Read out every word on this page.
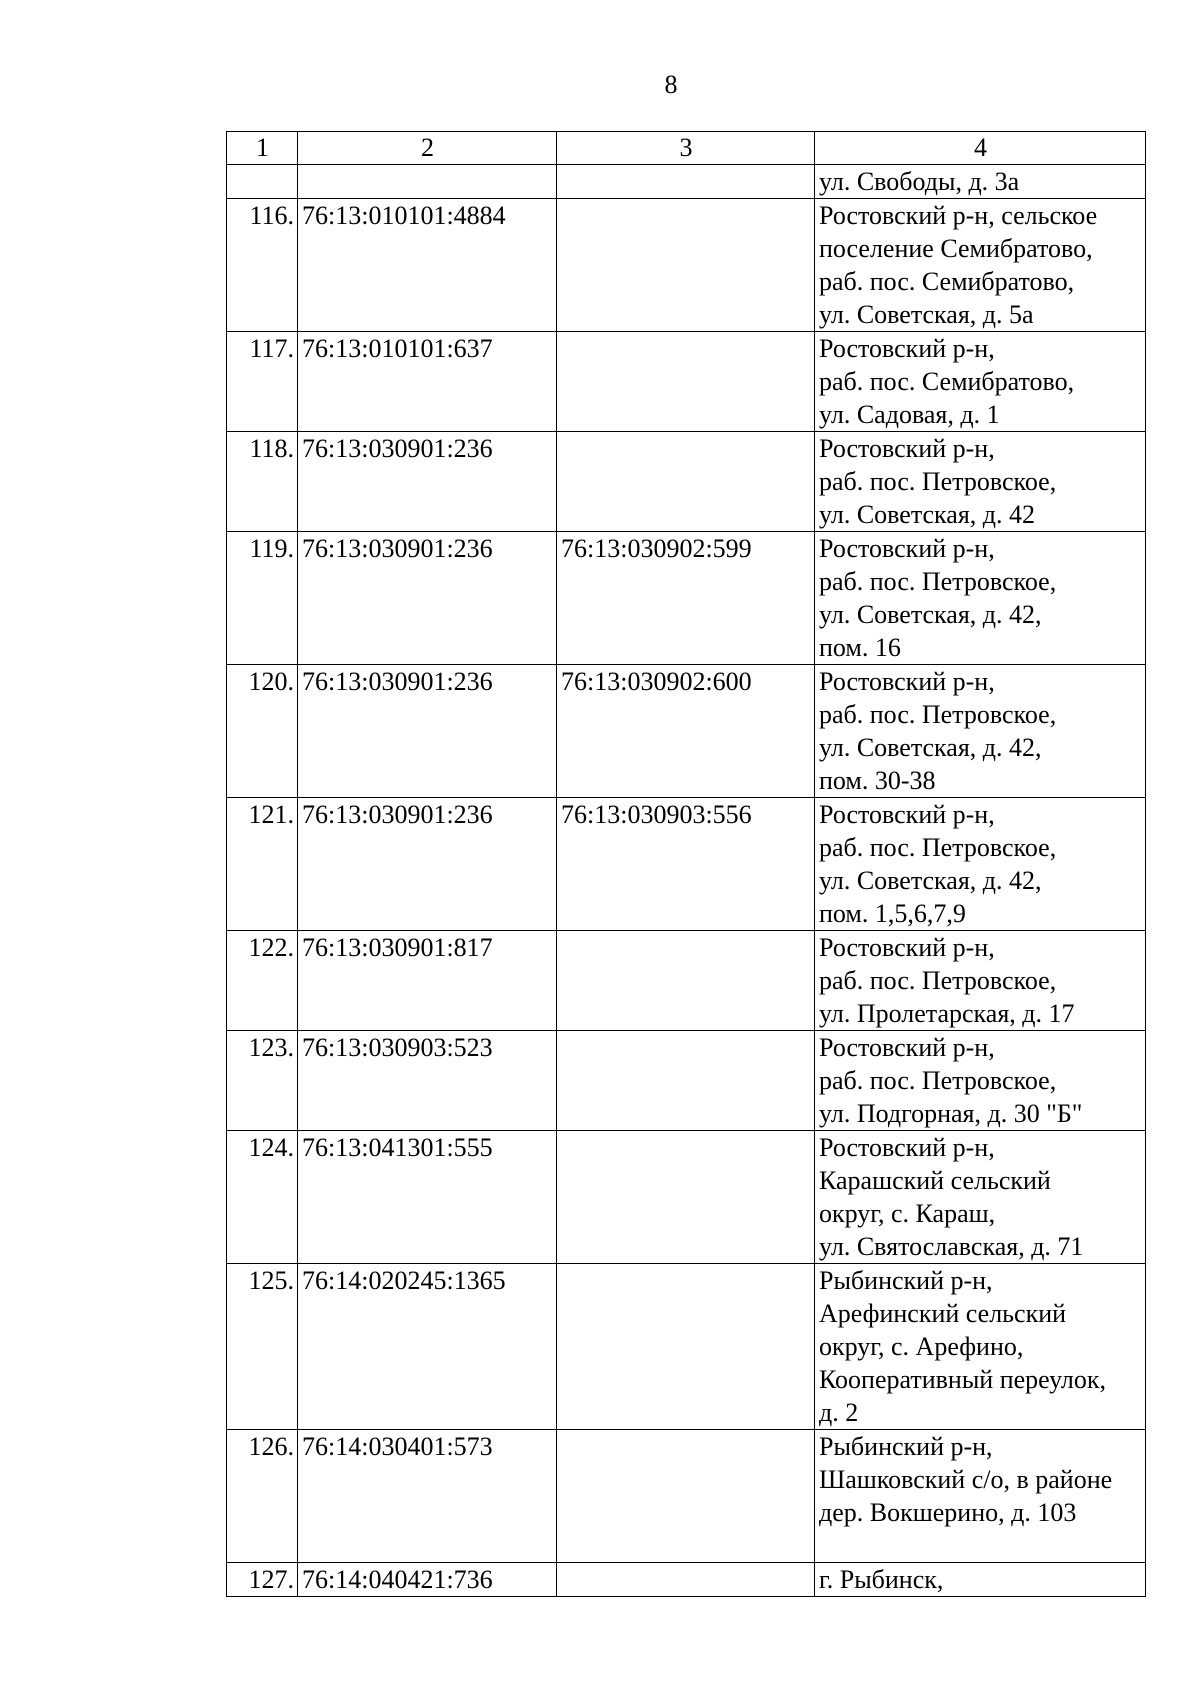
8
1	2	3	4

			ул. Свободы, д. 3а

116.	76:13:010101:4884		Ростовский р-н, сельское
поселение Семибратово,
раб. пос. Семибратово,
ул. Советская, д. 5а

117.	76:13:010101:637		Ростовский р-н,
раб. пос. Семибратово,
ул. Садовая, д. 1

118.	76:13:030901:236		Ростовский р-н,
раб. пос. Петровское,
ул. Советская, д. 42

119.	76:13:030901:236	76:13:030902:599	Ростовский р-н,
раб. пос. Петровское,
ул. Советская, д. 42,
пом. 16

120.	76:13:030901:236	76:13:030902:600	Ростовский р-н,
раб. пос. Петровское,
ул. Советская, д. 42,
пом. 30-38

121.	76:13:030901:236	76:13:030903:556	Ростовский р-н,
раб. пос. Петровское,
ул. Советская, д. 42,
пом. 1,5,6,7,9

122.	76:13:030901:817		Ростовский р-н,
раб. пос. Петровское,
ул. Пролетарская, д. 17

123.	76:13:030903:523		Ростовский р-н,
раб. пос. Петровское,
ул. Подгорная, д. 30 "Б"

124.	76:13:041301:555		Ростовский р-н,
Карашский сельский
округ, с. Караш,
ул. Святославская, д. 71

125.	76:14:020245:1365		Рыбинский р-н,
Арефинский сельский
округ, с. Арефино,
Кооперативный переулок,
д. 2

126.	76:14:030401:573		Рыбинский р-н,
Шашковский с/о, в районе
дер. Вокшерино, д. 103

127.	76:14:040421:736		г. Рыбинск,
